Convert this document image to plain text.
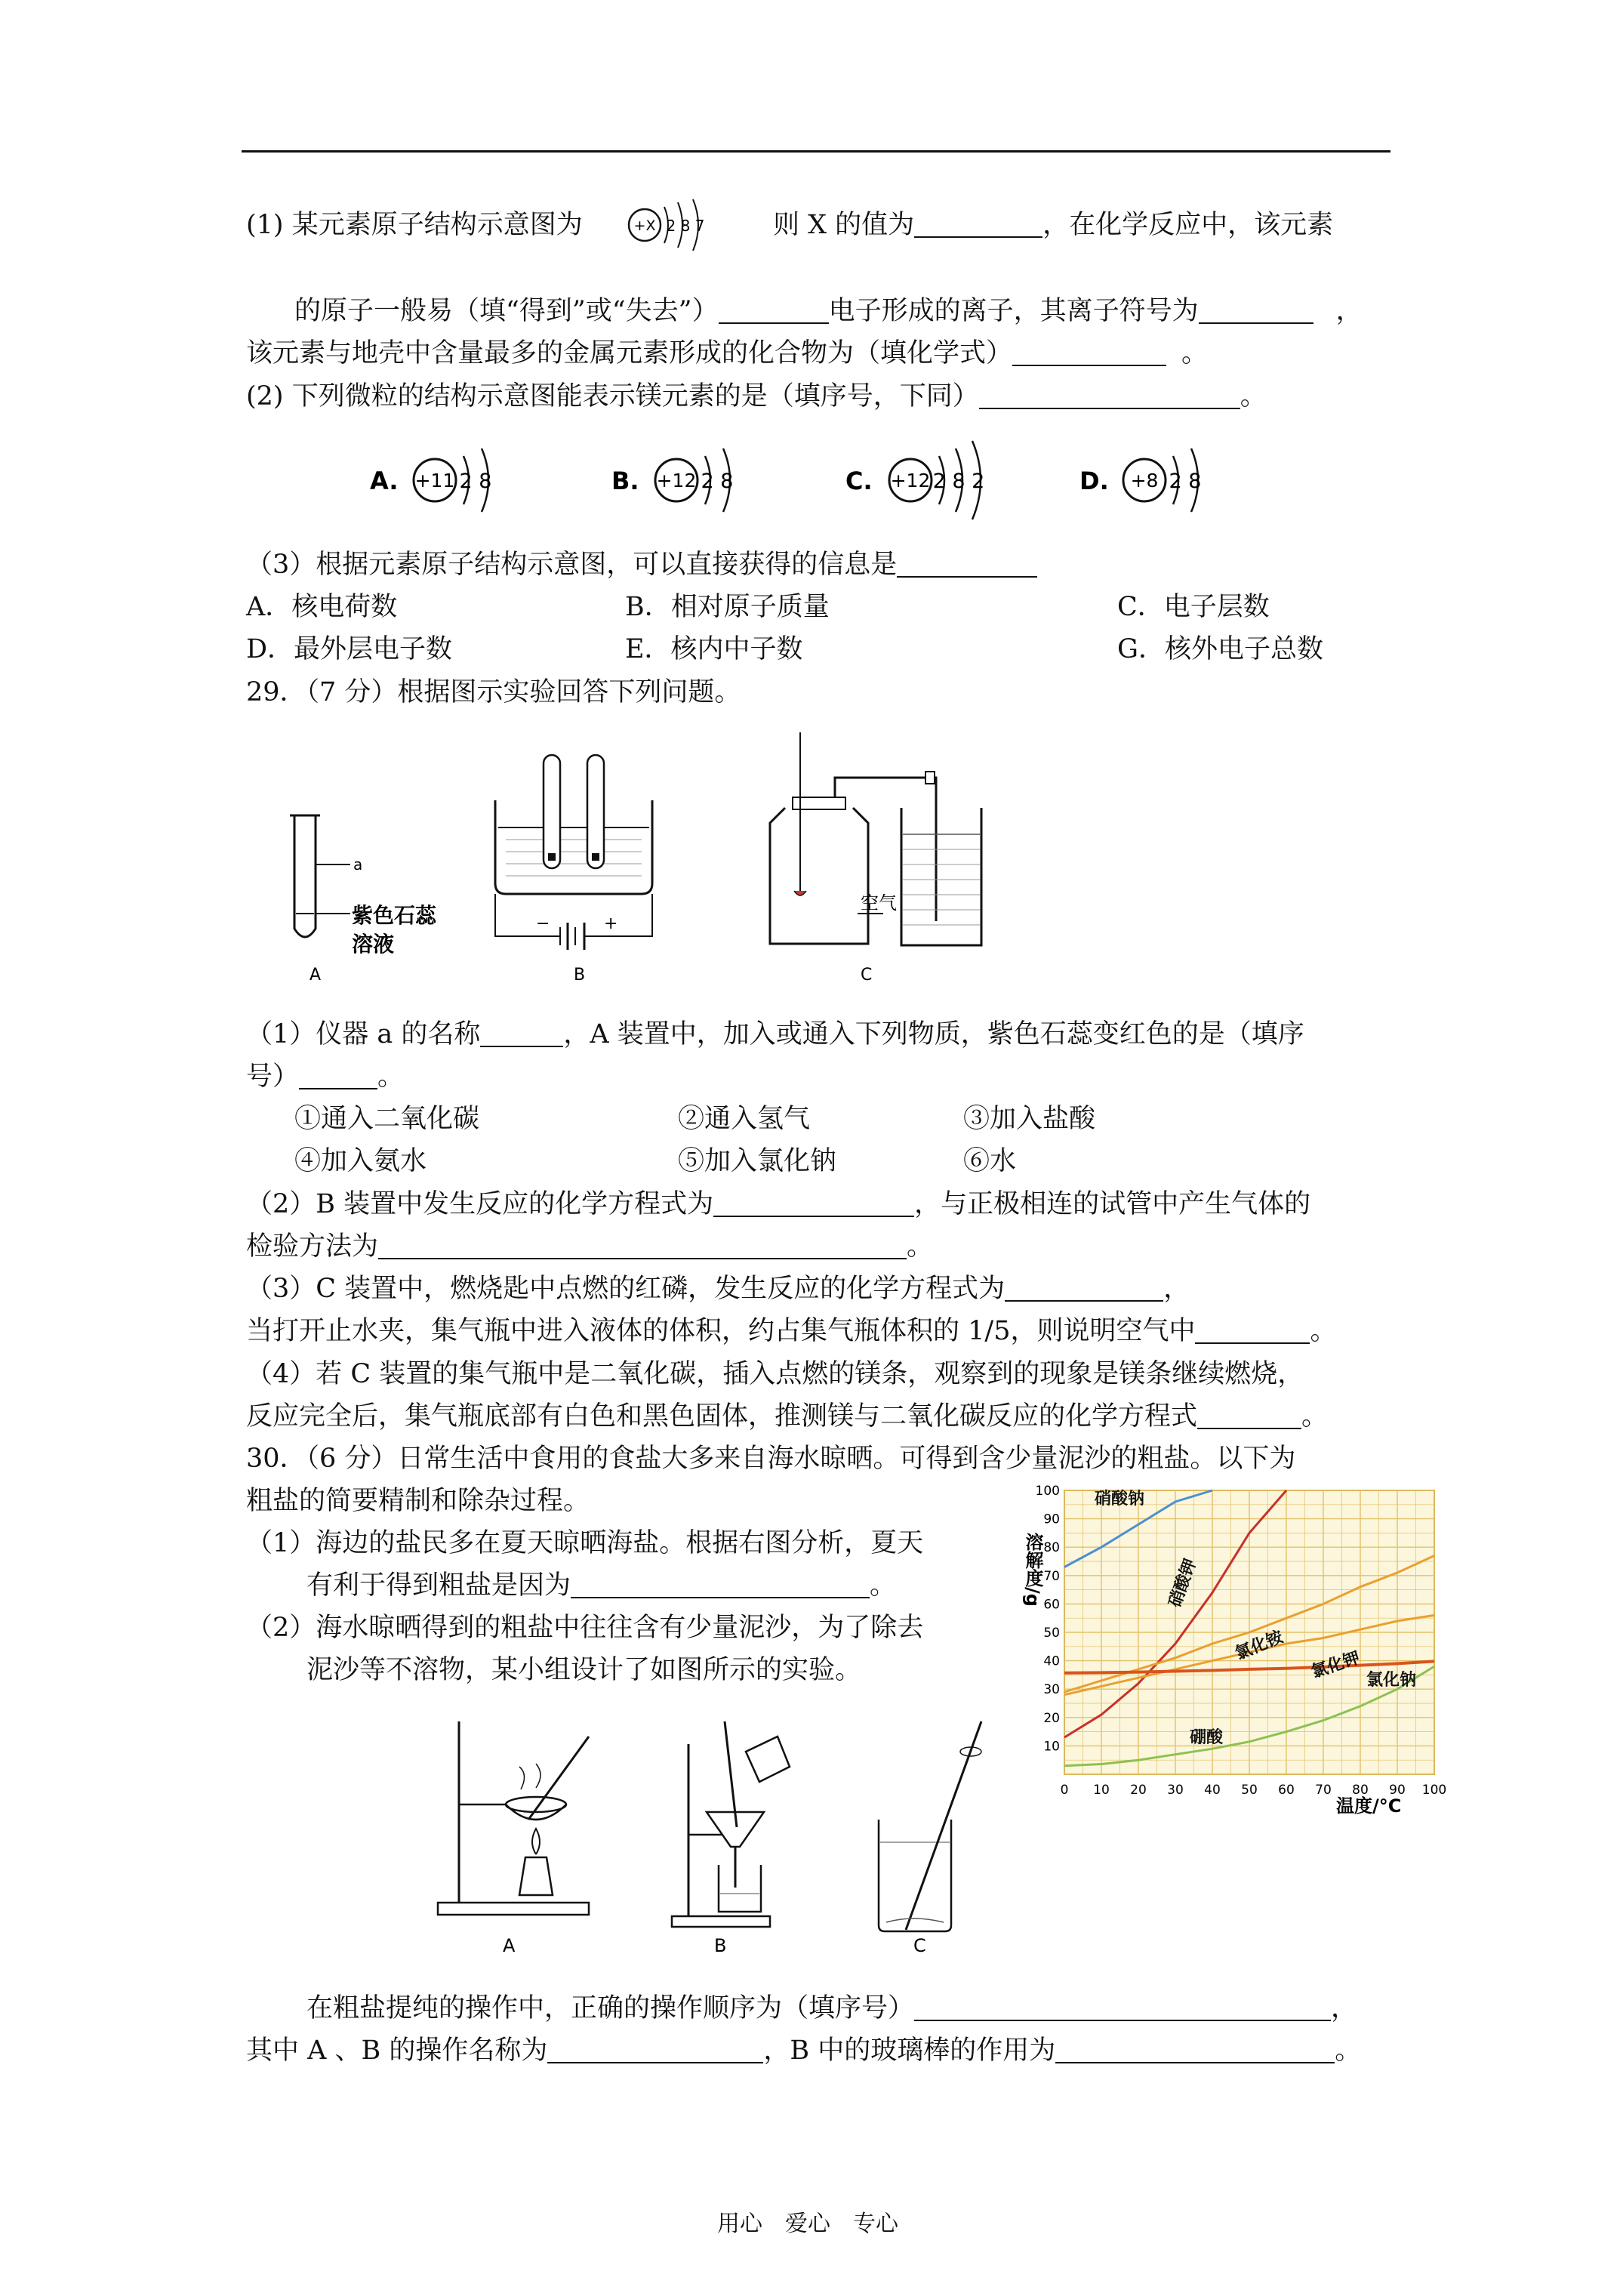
(1) 某元素原子结构示意图为	+X 2 8 7	则 X 的值为	，在化学反应中，该元素
的原子一般易（填“得到”或“失去”）	电子形成的离子，其离子符号为	，
该元素与地壳中含量最多的金属元素形成的化合物为（填化学式）	。
(2) 下列微粒的结构示意图能表示镁元素的是（填序号，下同）	。
A. +11 2 8	B. +12 2 8	C. +12 2 8 2	D. +8 2 8
（3）根据元素原子结构示意图，可以直接获得的信息是
A．核电荷数	B．相对原子质量	C．电子层数
D．最外层电子数	E．核内中子数	G．核外电子总数
29．（7 分）根据图示实验回答下列问题。
a
紫色石蕊
溶液
A
−	+
B
空气
C
（1）仪器 a 的名称	，A 装置中，加入或通入下列物质，紫色石蕊变红色的是（填序
号）	。
①通入二氧化碳	②通入氢气	③加入盐酸
④加入氨水	⑤加入氯化钠	⑥水
（2）B 装置中发生反应的化学方程式为	，与正极相连的试管中产生气体的
检验方法为	。
（3）C 装置中，燃烧匙中点燃的红磷，发生反应的化学方程式为	，
当打开止水夹，集气瓶中进入液体的体积，约占集气瓶体积的 1/5，则说明空气中	。
（4）若 C 装置的集气瓶中是二氧化碳，插入点燃的镁条，观察到的现象是镁条继续燃烧，
反应完全后，集气瓶底部有白色和黑色固体，推测镁与二氧化碳反应的化学方程式	。
30．（6 分）日常生活中食用的食盐大多来自海水晾晒。可得到含少量泥沙的粗盐。以下为
粗盐的简要精制和除杂过程。
（1）海边的盐民多在夏天晾晒海盐。根据右图分析，夏天
有利于得到粗盐是因为	。
（2）海水晾晒得到的粗盐中往往含有少量泥沙，为了除去
泥沙等不溶物，某小组设计了如图所示的实验。
溶解度/g
硝酸钠
硝酸钾
氯化铵
氯化钾 氯化钠
硼酸
0 10 20 30 40 50 60 70 80 90 100
10
20
30
40
50
60
70
80
90
100
温度/°C
A	B	C
在粗盐提纯的操作中，正确的操作顺序为（填序号）	，
其中 A 、B 的操作名称为	，B 中的玻璃棒的作用为	。
用心　爱心　专心
